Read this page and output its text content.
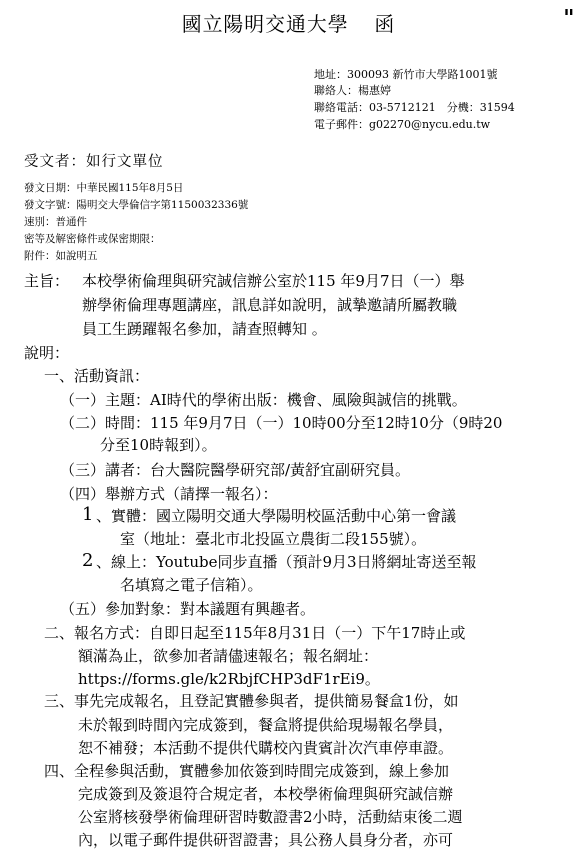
國立陽明交通大學 函
地址：300093 新竹市大學路1001號
聯絡人：楊惠婷
聯絡電話：03-5712121　分機：31594
電子郵件：g02270@nycu.edu.tw
受文者：如行文單位
發文日期：中華民國115年8月5日
發文字號：陽明交大學倫信字第1150032336號
速別：普通件
密等及解密條件或保密期限：
附件：如說明五
主旨： 本校學術倫理與研究誠信辦公室於115 年9月7日（一）舉
辦學術倫理專題講座，訊息詳如說明，誠摯邀請所屬教職
員工生踴躍報名參加，請查照轉知 。
說明：
一、活動資訊：
（一）主題：AI時代的學術出版：機會、風險與誠信的挑戰。
（二）時間：115 年9月7日（一）10時00分至12時10分（9時20
分至10時報到）。
（三）講者：台大醫院醫學研究部/黃舒宜副研究員。
（四）舉辦方式（請擇一報名）：
1 、實體：國立陽明交通大學陽明校區活動中心第一會議
室（地址：臺北市北投區立農街二段155號）。
2 、線上：Youtube同步直播（預計9月3日將網址寄送至報
名填寫之電子信箱）。
（五）參加對象：對本議題有興趣者。
二、報名方式：自即日起至115年8月31日（一）下午17時止或
額滿為止，欲參加者請儘速報名；報名網址：
https://forms.gle/k2RbjfCHP3dF1rEi9。
三、事先完成報名，且登記實體參與者，提供簡易餐盒1份，如
未於報到時間內完成簽到，餐盒將提供給現場報名學員，
恕不補發；本活動不提供代購校內貴賓計次汽車停車證。
四、全程參與活動，實體參加依簽到時間完成簽到，線上參加
完成簽到及簽退符合規定者，本校學術倫理與研究誠信辦
公室將核發學術倫理研習時數證書2小時，活動結束後二週
內，以電子郵件提供研習證書；具公務人員身分者，亦可
